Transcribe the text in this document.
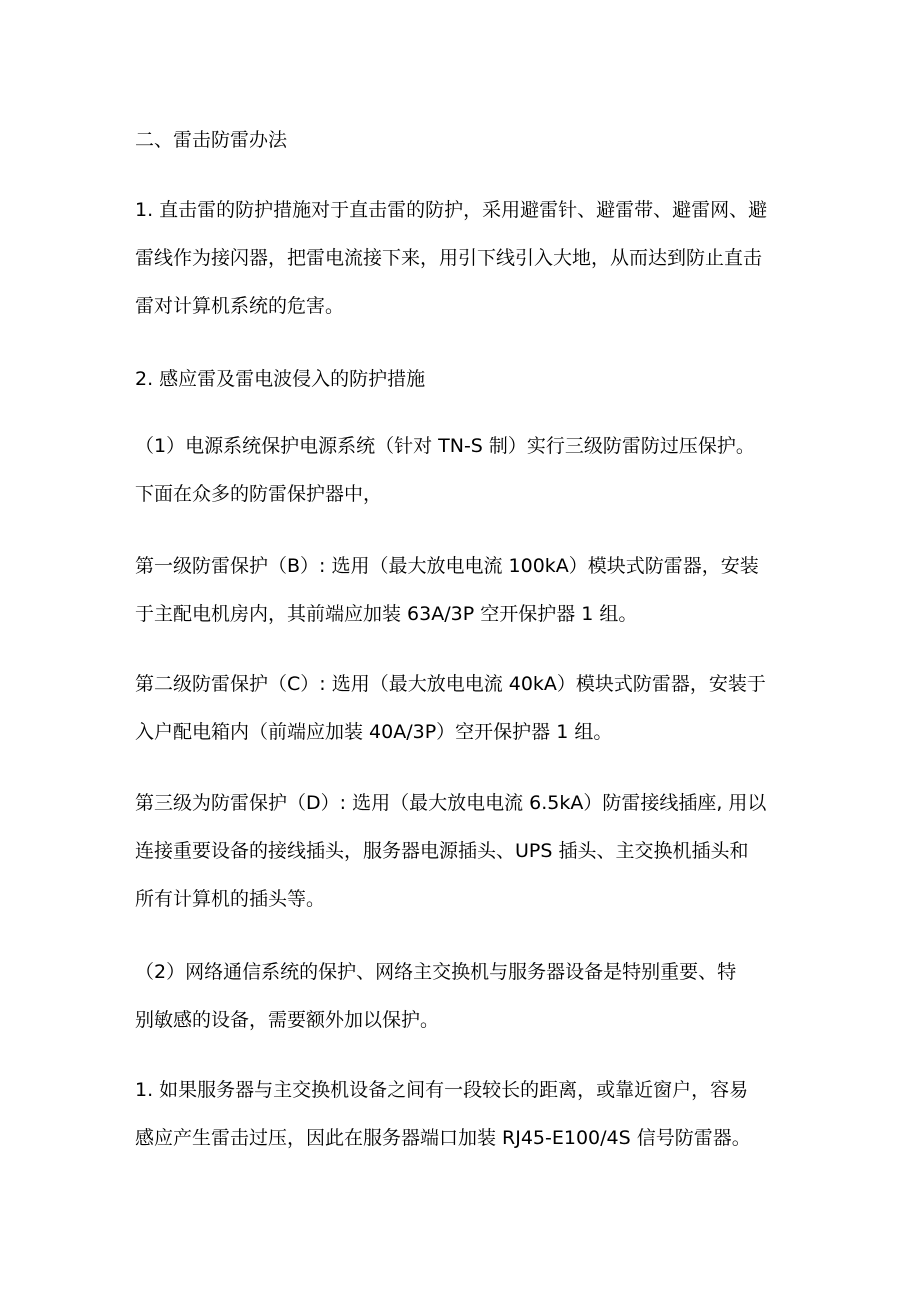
二、雷击防雷办法
1. 直击雷的防护措施对于直击雷的防护，采用避雷针、避雷带、避雷网、避
雷线作为接闪器，把雷电流接下来，用引下线引入大地，从而达到防止直击
雷对计算机系统的危害。
2. 感应雷及雷电波侵入的防护措施
（1）电源系统保护电源系统（针对 TN-S 制）实行三级防雷防过压保护。
下面在众多的防雷保护器中，
第一级防雷保护（B）: 选用（最大放电电流 100kA）模块式防雷器，安装
于主配电机房内，其前端应加装 63A/3P 空开保护器 1 组。
第二级防雷保护（C）: 选用（最大放电电流 40kA）模块式防雷器，安装于
入户配电箱内（前端应加装 40A/3P）空开保护器 1 组。
第三级为防雷保护（D）: 选用（最大放电电流 6.5kA）防雷接线插座, 用以
连接重要设备的接线插头，服务器电源插头、UPS 插头、主交换机插头和
所有计算机的插头等。
（2）网络通信系统的保护、网络主交换机与服务器设备是特别重要、特
别敏感的设备，需要额外加以保护。
1. 如果服务器与主交换机设备之间有一段较长的距离，或靠近窗户，容易
感应产生雷击过压，因此在服务器端口加装 RJ45-E100/4S 信号防雷器。
